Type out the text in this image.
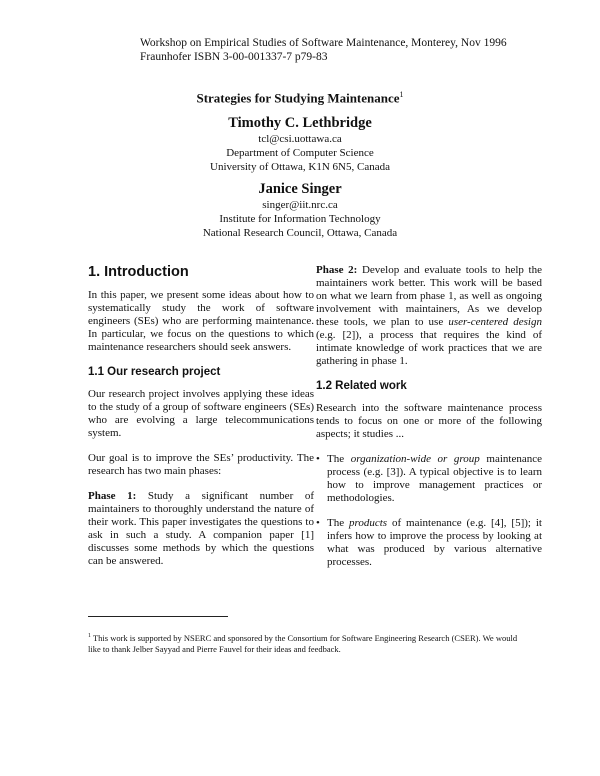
Workshop on Empirical Studies of Software Maintenance, Monterey, Nov 1996
Fraunhofer ISBN 3-00-001337-7 p79-83
Strategies for Studying Maintenance$^1$
Timothy C. Lethbridge
tcl@csi.uottawa.ca
Department of Computer Science
University of Ottawa, K1N 6N5, Canada
Janice Singer
singer@iit.nrc.ca
Institute for Information Technology
National Research Council, Ottawa, Canada
1. Introduction

In this paper, we present some ideas about how to systematically study the work of software engineers (SEs) who are performing maintenance. In particular, we focus on the questions to which maintenance researchers should seek answers.

1.1 Our research project

Our research project involves applying these ideas to the study of a group of software engineers (SEs) who are evolving a large telecommunications system.

Our goal is to improve the SEs’ productivity. The research has two main phases:

Phase 1: Study a significant number of maintainers to thoroughly understand the nature of their work. This paper investigates the questions to ask in such a study. A companion paper [1] discusses some methods by which the questions can be answered.

Phase 2: Develop and evaluate tools to help the maintainers work better. This work will be based on what we learn from phase 1, as well as ongoing involvement with maintainers, As we develop these tools, we plan to use user-centered design (e.g. [2]), a process that requires the kind of intimate knowledge of work practices that we are gathering in phase 1.

1.2 Related work

Research into the software maintenance process tends to focus on one or more of the following aspects; it studies ...

• The organization-wide or group maintenance process (e.g. [3]). A typical objective is to learn how to improve management practices or methodologies.
• The products of maintenance (e.g. [4], [5]); it infers how to improve the process by looking at what was produced by various alternative processes.
$^1$ This work is supported by NSERC and sponsored by the Consortium for Software Engineering Research (CSER). We would like to thank Jelber Sayyad and Pierre Fauvel for their ideas and feedback.
